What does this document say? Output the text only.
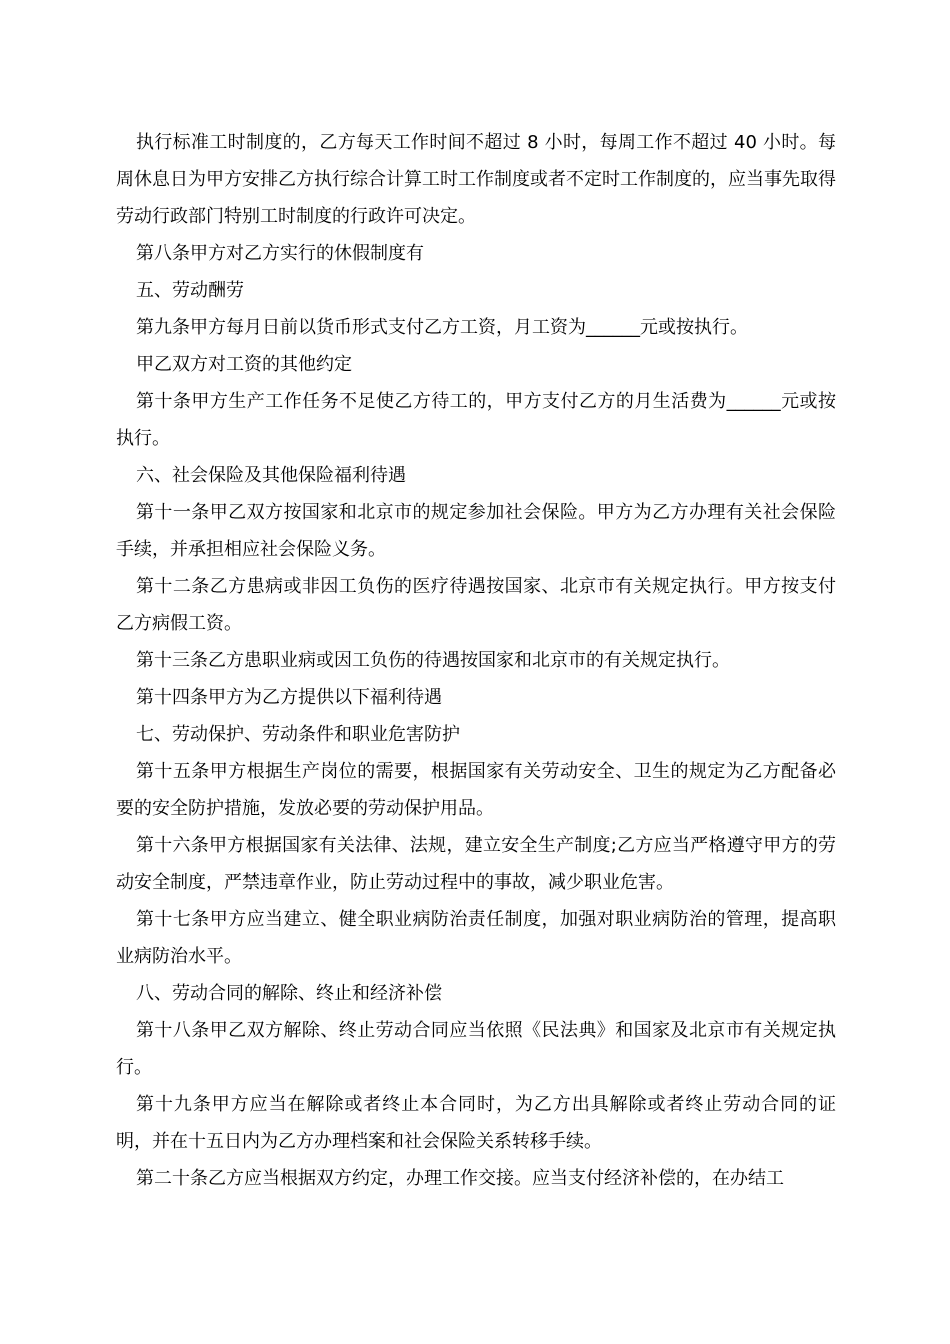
执行标准工时制度的，乙方每天工作时间不超过 8 小时，每周工作不超过 40 小时。每周休息日为甲方安排乙方执行综合计算工时工作制度或者不定时工作制度的，应当事先取得劳动行政部门特别工时制度的行政许可决定。

第八条甲方对乙方实行的休假制度有

五、劳动酬劳

第九条甲方每月日前以货币形式支付乙方工资，月工资为______元或按执行。

甲乙双方对工资的其他约定

第十条甲方生产工作任务不足使乙方待工的，甲方支付乙方的月生活费为______元或按执行。

六、社会保险及其他保险福利待遇

第十一条甲乙双方按国家和北京市的规定参加社会保险。甲方为乙方办理有关社会保险手续，并承担相应社会保险义务。

第十二条乙方患病或非因工负伤的医疗待遇按国家、北京市有关规定执行。甲方按支付乙方病假工资。

第十三条乙方患职业病或因工负伤的待遇按国家和北京市的有关规定执行。

第十四条甲方为乙方提供以下福利待遇

七、劳动保护、劳动条件和职业危害防护

第十五条甲方根据生产岗位的需要，根据国家有关劳动安全、卫生的规定为乙方配备必要的安全防护措施，发放必要的劳动保护用品。

第十六条甲方根据国家有关法律、法规，建立安全生产制度;乙方应当严格遵守甲方的劳动安全制度，严禁违章作业，防止劳动过程中的事故，减少职业危害。

第十七条甲方应当建立、健全职业病防治责任制度，加强对职业病防治的管理，提高职业病防治水平。

八、劳动合同的解除、终止和经济补偿

第十八条甲乙双方解除、终止劳动合同应当依照《民法典》和国家及北京市有关规定执行。

第十九条甲方应当在解除或者终止本合同时，为乙方出具解除或者终止劳动合同的证明，并在十五日内为乙方办理档案和社会保险关系转移手续。

第二十条乙方应当根据双方约定，办理工作交接。应当支付经济补偿的，在办结工
